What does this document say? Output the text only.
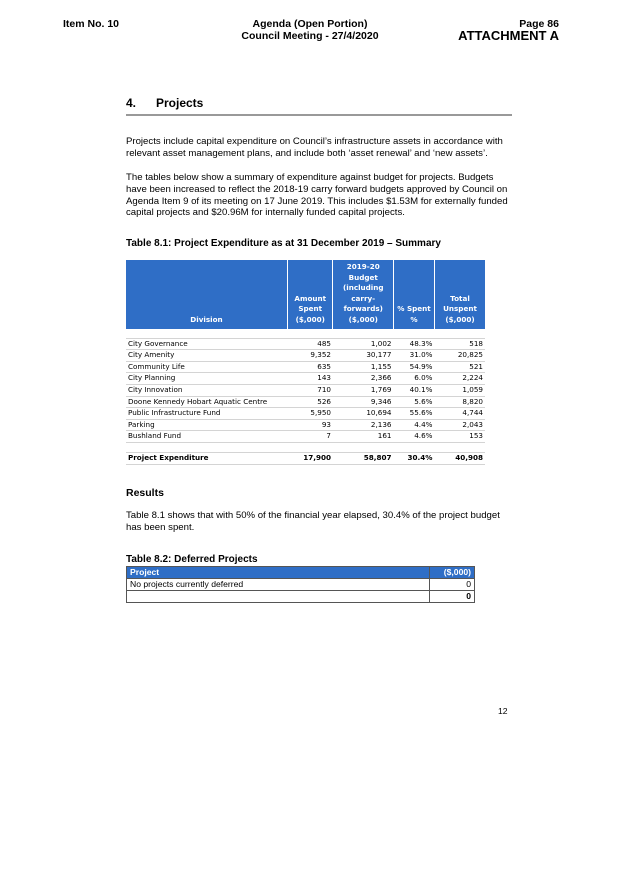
Item No. 10	Agenda (Open Portion)
Council Meeting - 27/4/2020
Page 86
ATTACHMENT A
4. Projects
Projects include capital expenditure on Council’s infrastructure assets in accordance with relevant asset management plans, and include both ‘asset renewal’ and ‘new assets’.
The tables below show a summary of expenditure against budget for projects. Budgets have been increased to reflect the 2018-19 carry forward budgets approved by Council on Agenda Item 9 of its meeting on 17 June 2019. This includes $1.53M for externally funded capital projects and $20.96M for internally funded capital projects.
Table 8.1: Project Expenditure as at 31 December 2019 – Summary
Division	Amount Spent ($,000)	2019-20 Budget (including carry-forwards) ($,000)	% Spent %	Total Unspent ($,000)

City Governance	485	1,002	48.3%	518
City Amenity	9,352	30,177	31.0%	20,825
Community Life	635	1,155	54.9%	521
City Planning	143	2,366	6.0%	2,224
City Innovation	710	1,769	40.1%	1,059
Doone Kennedy Hobart Aquatic Centre	526	9,346	5.6%	8,820
Public Infrastructure Fund	5,950	10,694	55.6%	4,744
Parking	93	2,136	4.4%	2,043
Bushland Fund	7	161	4.6%	153

Project Expenditure	17,900	58,807	30.4%	40,908
Results
Table 8.1 shows that with 50% of the financial year elapsed, 30.4% of the project budget has been spent.
Table 8.2: Deferred Projects
Project	($,000)
No projects currently deferred	0
	0
12
